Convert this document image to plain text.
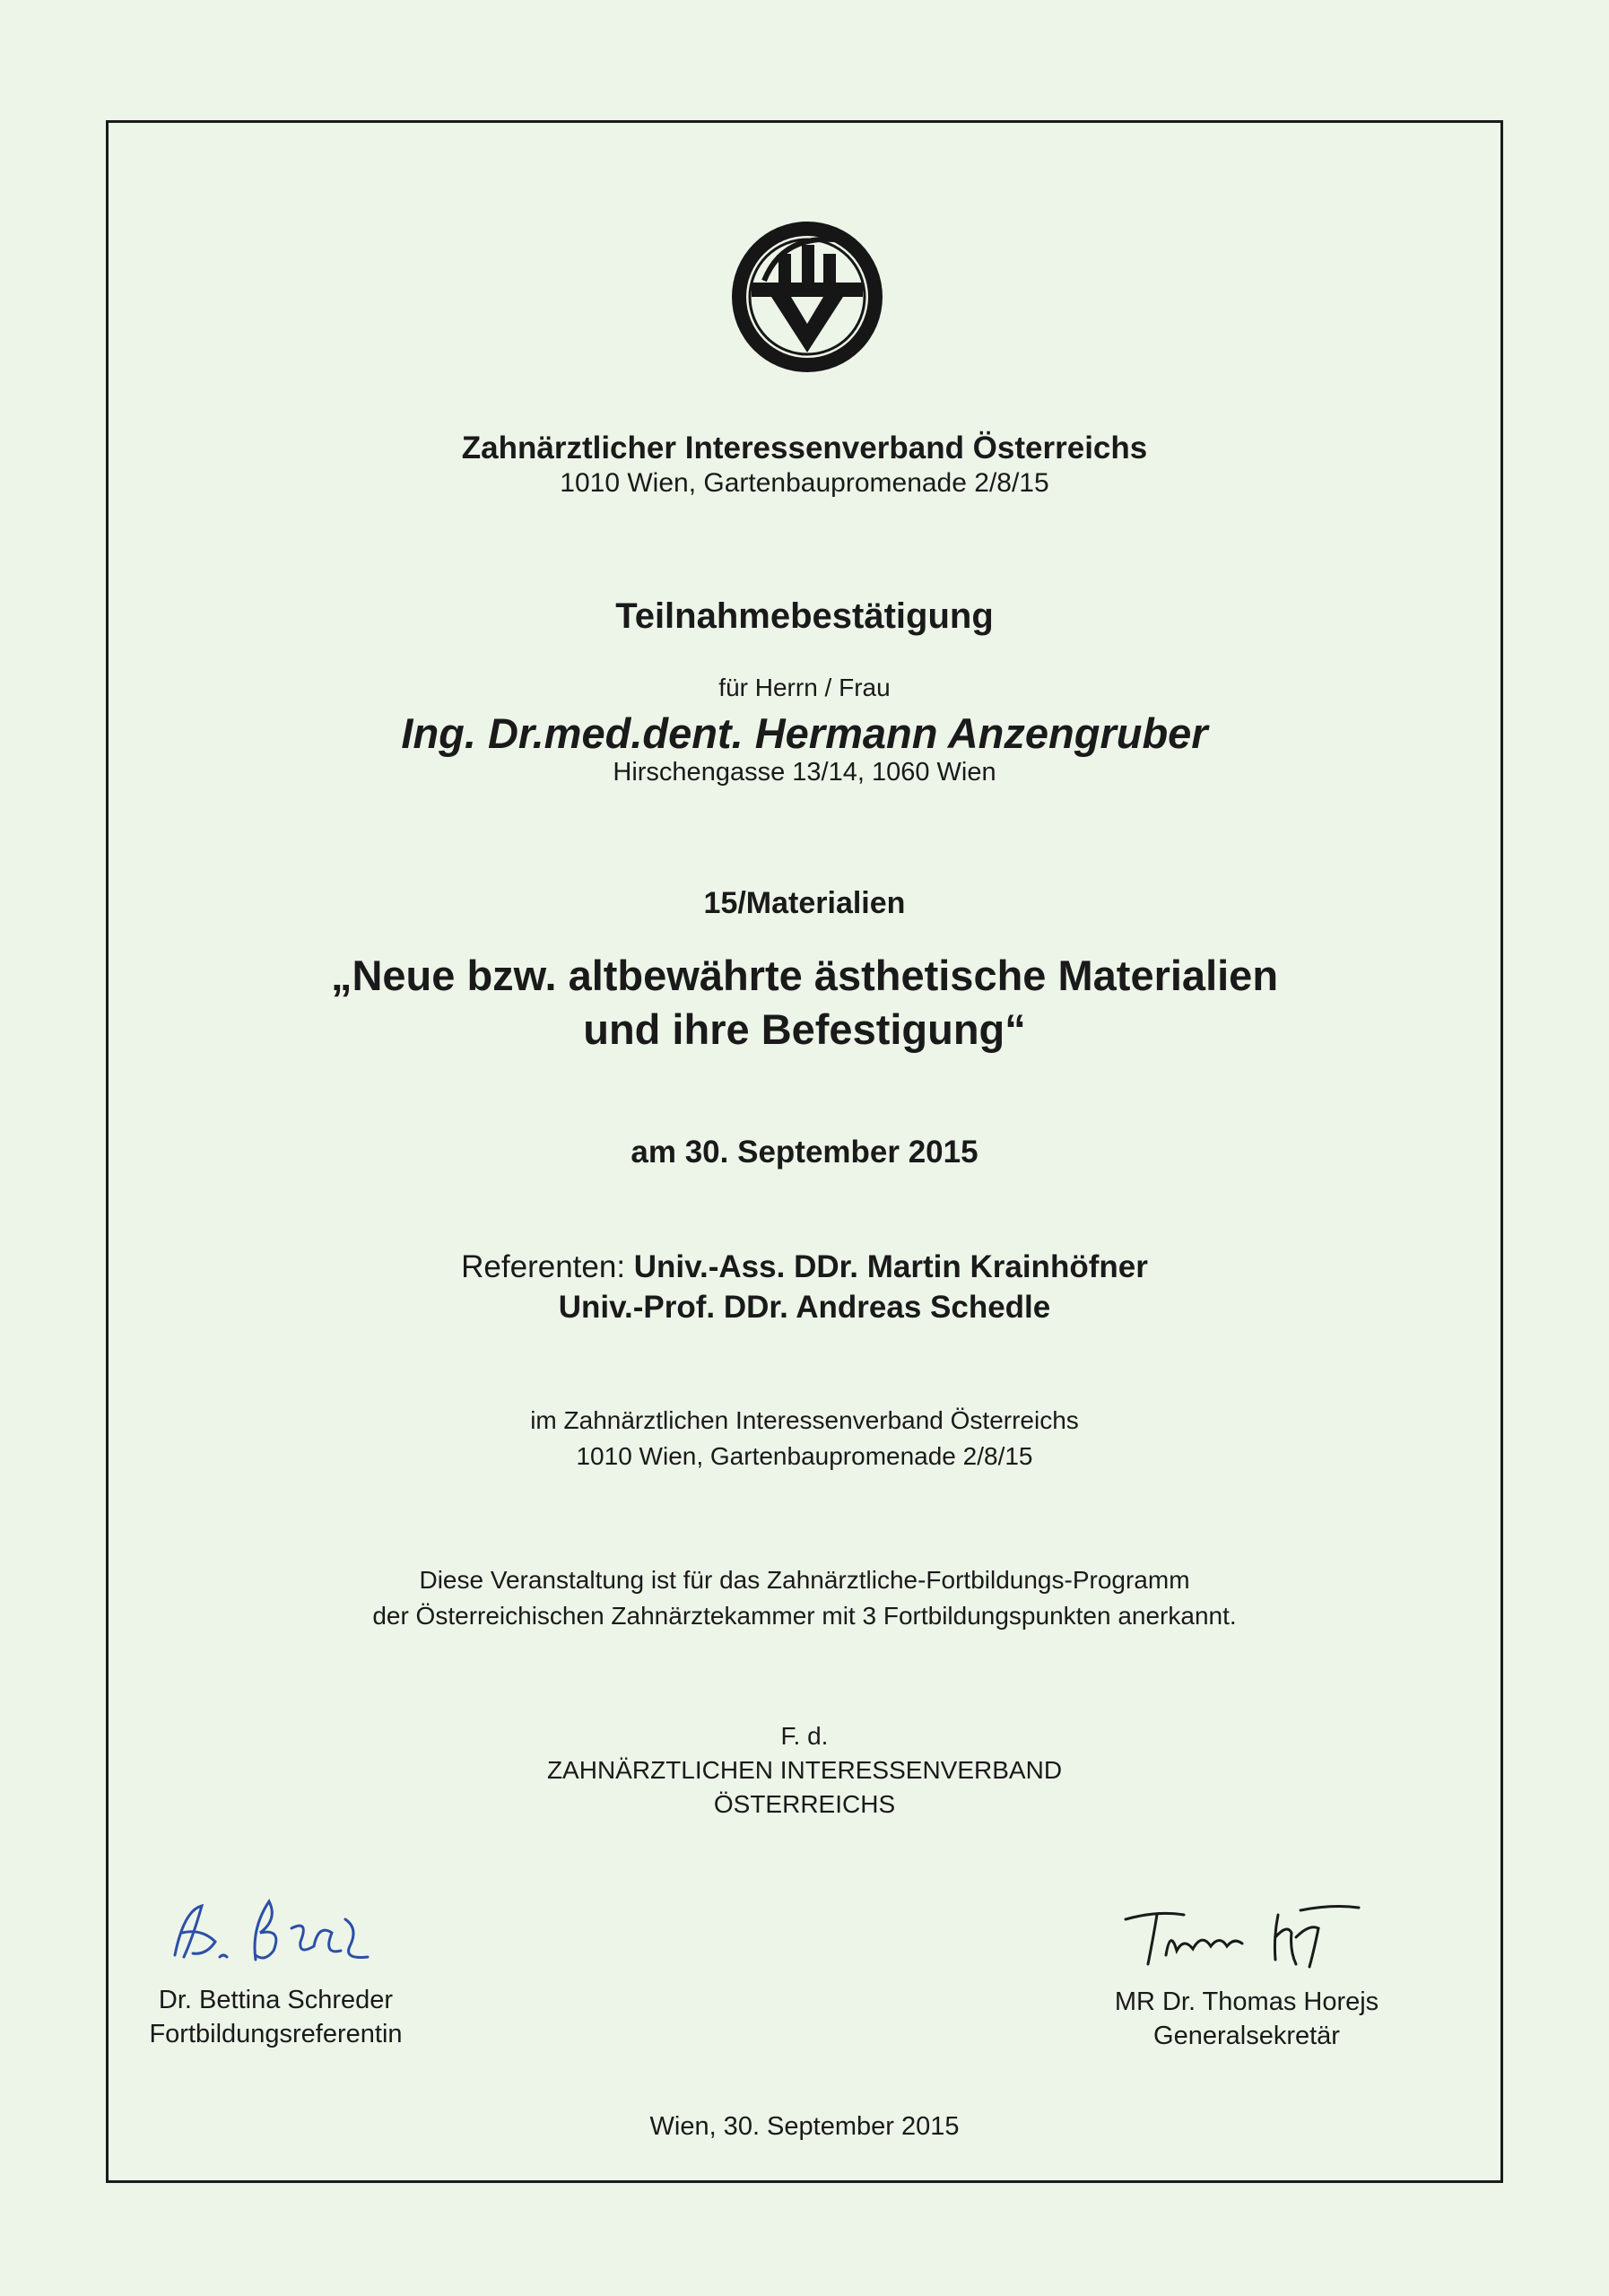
Zahnärztlicher Interessenverband Österreichs

1010 Wien, Gartenbaupromenade 2/8/15

Teilnahmebestätigung

für Herrn / Frau

Ing. Dr.med.dent. Hermann Anzengruber

Hirschengasse 13/14, 1060 Wien

15/Materialien

„Neue bzw. altbewährte ästhetische Materialien

und ihre Befestigung“

am 30. September 2015

Referenten: Univ.-Ass. DDr. Martin Krainhöfner

Univ.-Prof. DDr. Andreas Schedle

im Zahnärztlichen Interessenverband Österreichs

1010 Wien, Gartenbaupromenade 2/8/15

Diese Veranstaltung ist für das Zahnärztliche-Fortbildungs-Programm

der Österreichischen Zahnärztekammer mit 3 Fortbildungspunkten anerkannt.

F. d.

ZAHNÄRZTLICHEN INTERESSENVERBAND

ÖSTERREICHS

Dr. Bettina Schreder
Fortbildungsreferentin
MR Dr. Thomas Horejs
Generalsekretär

Wien, 30. September 2015
